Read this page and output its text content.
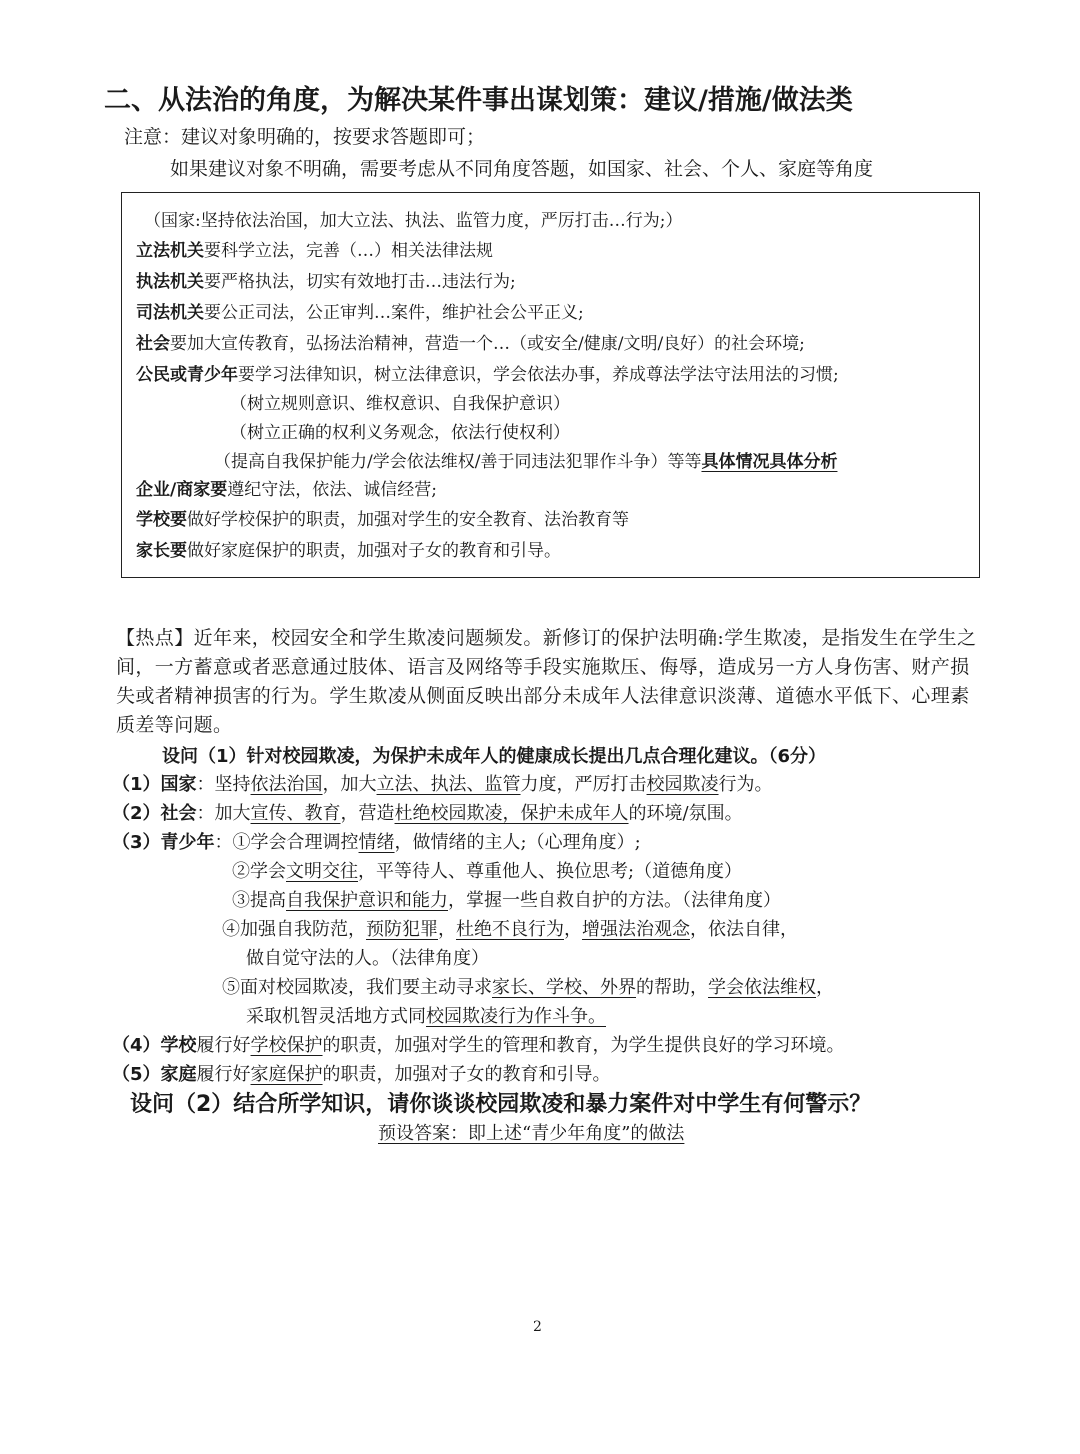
二、从法治的角度，为解决某件事出谋划策：建议/措施/做法类
注意：建议对象明确的，按要求答题即可；
如果建议对象不明确，需要考虑从不同角度答题，如国家、社会、个人、家庭等角度
（国家:坚持依法治国，加大立法、执法、监管力度，严厉打击…行为;）
立法机关要科学立法，完善（…）相关法律法规
执法机关要严格执法，切实有效地打击…违法行为;
司法机关要公正司法，公正审判…案件，维护社会公平正义;
社会要加大宣传教育，弘扬法治精神，营造一个…（或安全/健康/文明/良好）的社会环境;
公民或青少年要学习法律知识，树立法律意识，学会依法办事，养成尊法学法守法用法的习惯;
（树立规则意识、维权意识、自我保护意识）
（树立正确的权利义务观念，依法行使权利）
（提高自我保护能力/学会依法维权/善于同违法犯罪作斗争）等等具体情况具体分析
企业/商家要遵纪守法，依法、诚信经营;
学校要做好学校保护的职责，加强对学生的安全教育、法治教育等
家长要做好家庭保护的职责，加强对子女的教育和引导。
【热点】近年来，校园安全和学生欺凌问题频发。新修订的保护法明确:学生欺凌，是指发生在学生之间，一方蓄意或者恶意通过肢体、语言及网络等手段实施欺压、侮辱，造成另一方人身伤害、财产损失或者精神损害的行为。学生欺凌从侧面反映出部分未成年人法律意识淡薄、道德水平低下、心理素质差等问题。
设问（1）针对校园欺凌，为保护未成年人的健康成长提出几点合理化建议。（6分）
（1）国家：坚持依法治国，加大立法、执法、监管力度，严厉打击校园欺凌行为。
（2）社会：加大宣传、教育，营造杜绝校园欺凌，保护未成年人的环境/氛围。
（3）青少年：①学会合理调控情绪，做情绪的主人;（心理角度）;
②学会文明交往，平等待人、尊重他人、换位思考;（道德角度）
③提高自我保护意识和能力，掌握一些自救自护的方法。（法律角度）
④加强自我防范，预防犯罪，杜绝不良行为，增强法治观念，依法自律，
做自觉守法的人。（法律角度）
⑤面对校园欺凌，我们要主动寻求家长、学校、外界的帮助，学会依法维权，
采取机智灵活地方式同校园欺凌行为作斗争。
（4）学校履行好学校保护的职责，加强对学生的管理和教育，为学生提供良好的学习环境。
（5）家庭履行好家庭保护的职责，加强对子女的教育和引导。
设问（2）结合所学知识，请你谈谈校园欺凌和暴力案件对中学生有何警示？
预设答案：即上述“青少年角度”的做法
2
